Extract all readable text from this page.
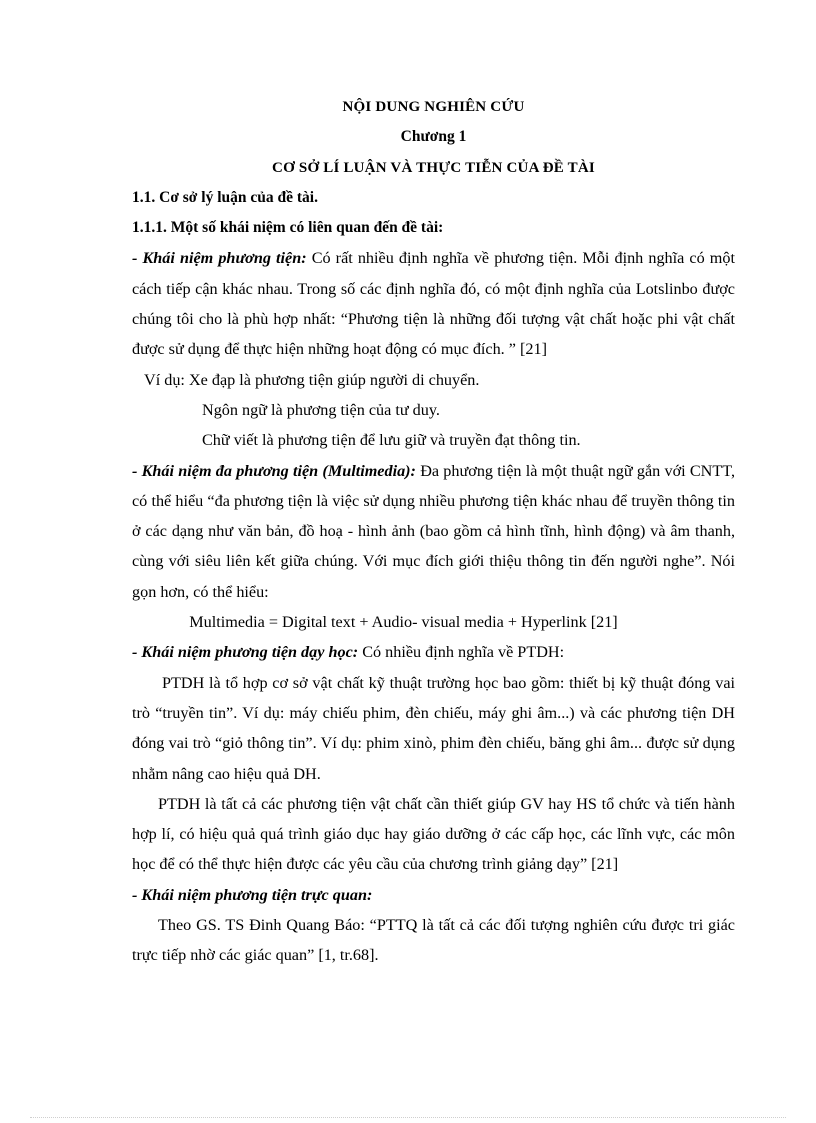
NỘI DUNG NGHIÊN CỨU

Chương 1

CƠ SỞ LÍ LUẬN VÀ THỰC TIỄN CỦA ĐỀ TÀI

1.1. Cơ sở lý luận của đề tài.

1.1.1. Một số khái niệm có liên quan đến đề tài:

- Khái niệm phương tiện: Có rất nhiều định nghĩa về phương tiện. Mỗi định nghĩa có một cách tiếp cận khác nhau. Trong số các định nghĩa đó, có một định nghĩa của Lotslinbo được chúng tôi cho là phù hợp nhất: “Phương tiện là những đối tượng vật chất hoặc phi vật chất được sử dụng để thực hiện những hoạt động có mục đích. ” [21]

Ví dụ: Xe đạp là phương tiện giúp người di chuyển.

Ngôn ngữ là phương tiện của tư duy.

Chữ viết là phương tiện để lưu giữ và truyền đạt thông tin.

- Khái niệm đa phương tiện (Multimedia): Đa phương tiện là một thuật ngữ gắn với CNTT, có thể hiểu “đa phương tiện là việc sử dụng nhiều phương tiện khác nhau để truyền thông tin ở các dạng như văn bản, đồ hoạ - hình ảnh (bao gồm cả hình tĩnh, hình động) và âm thanh, cùng với siêu liên kết giữa chúng. Với mục đích giới thiệu thông tin đến người nghe”. Nói gọn hơn, có thể hiểu:

Multimedia = Digital text + Audio- visual media + Hyperlink [21]

- Khái niệm phương tiện dạy học: Có nhiều định nghĩa về PTDH:

PTDH là tổ hợp cơ sở vật chất kỹ thuật trường học bao gồm: thiết bị kỹ thuật đóng vai trò “truyền tin”. Ví dụ: máy chiếu phim, đèn chiếu, máy ghi âm...) và các phương tiện DH đóng vai trò “giỏ thông tin”. Ví dụ: phim xinò, phim đèn chiếu, băng ghi âm... được sử dụng nhằm nâng cao hiệu quả DH.

PTDH là tất cả các phương tiện vật chất cần thiết giúp GV hay HS tổ chức và tiến hành hợp lí, có hiệu quả quá trình giáo dục hay giáo dưỡng ở các cấp học, các lĩnh vực, các môn học để có thể thực hiện được các yêu cầu của chương trình giảng dạy” [21]

- Khái niệm phương tiện trực quan:

Theo GS. TS Đinh Quang Báo: “PTTQ là tất cả các đối tượng nghiên cứu được tri giác trực tiếp nhờ các giác quan” [1, tr.68].
